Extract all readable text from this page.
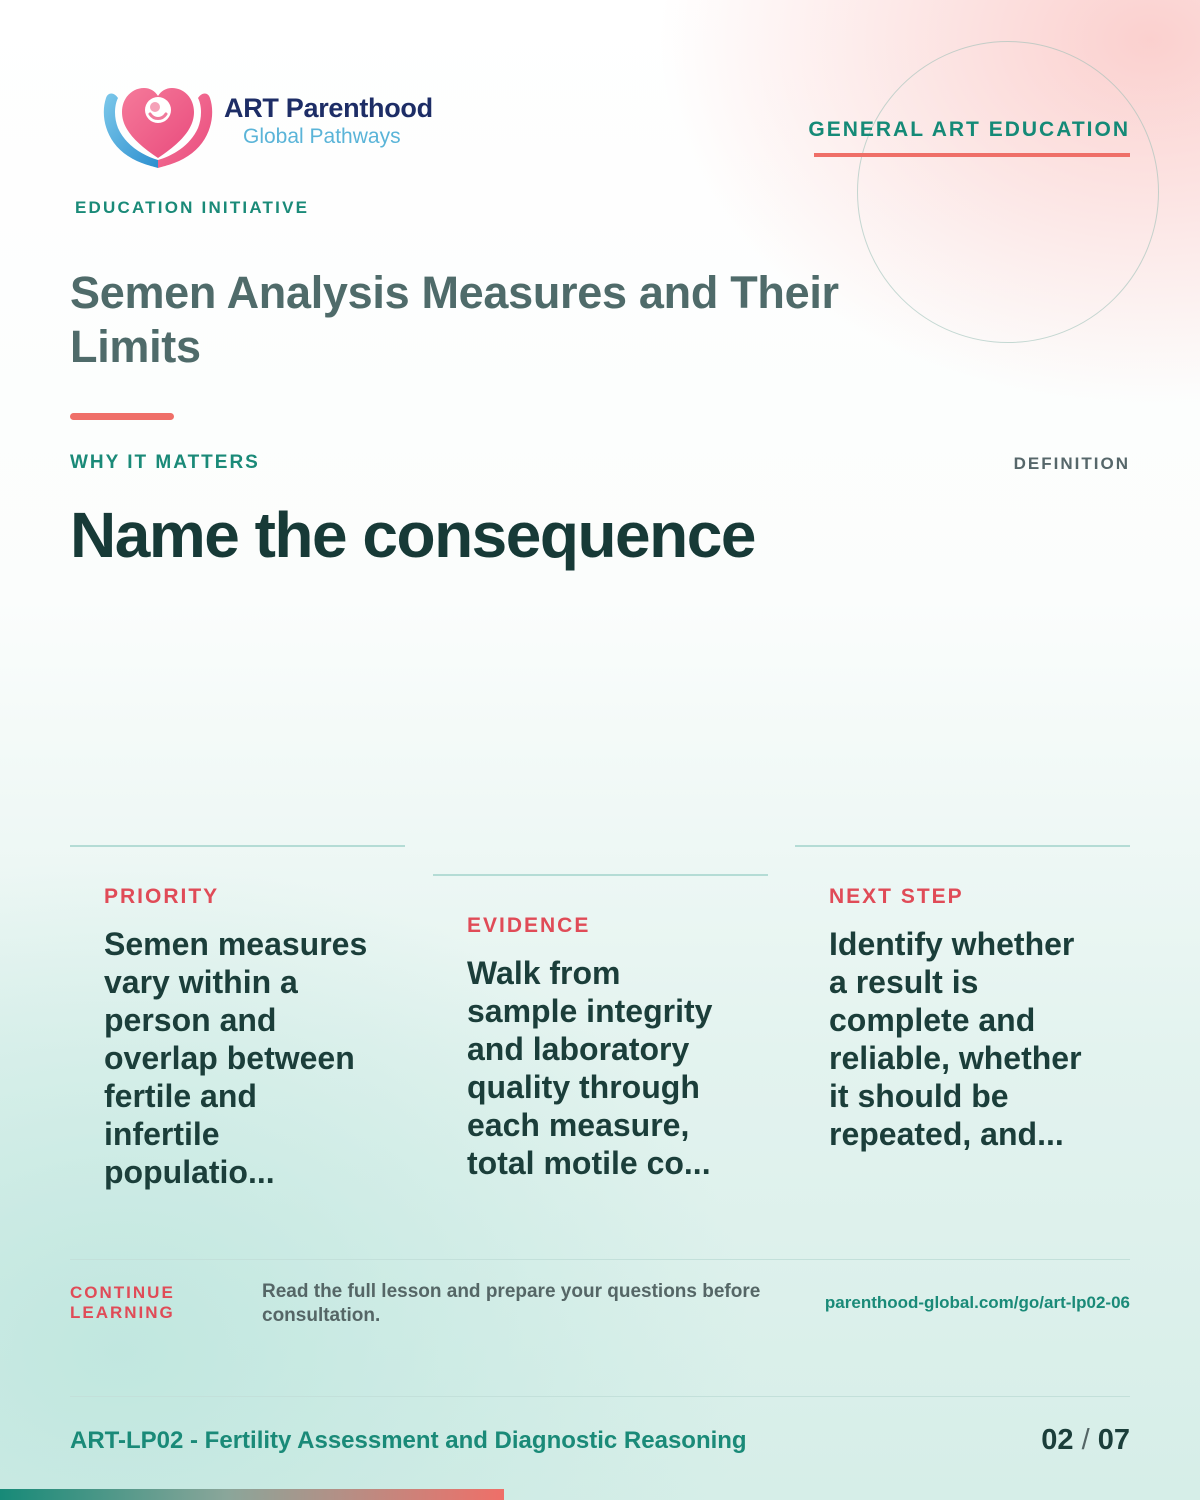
ART Parenthood
Global Pathways
EDUCATION INITIATIVE
GENERAL ART EDUCATION
Semen Analysis Measures and Their Limits
WHY IT MATTERS	DEFINITION
Name the consequence
PRIORITY
Semen measures vary within a person and overlap between fertile and infertile populatio...
EVIDENCE
Walk from sample integrity and laboratory quality through each measure, total motile co...
NEXT STEP
Identify whether a result is complete and reliable, whether it should be repeated, and...
CONTINUE LEARNING
Read the full lesson and prepare your questions before consultation.
parenthood-global.com/go/art-lp02-06
ART-LP02 - Fertility Assessment and Diagnostic Reasoning	02 / 07
